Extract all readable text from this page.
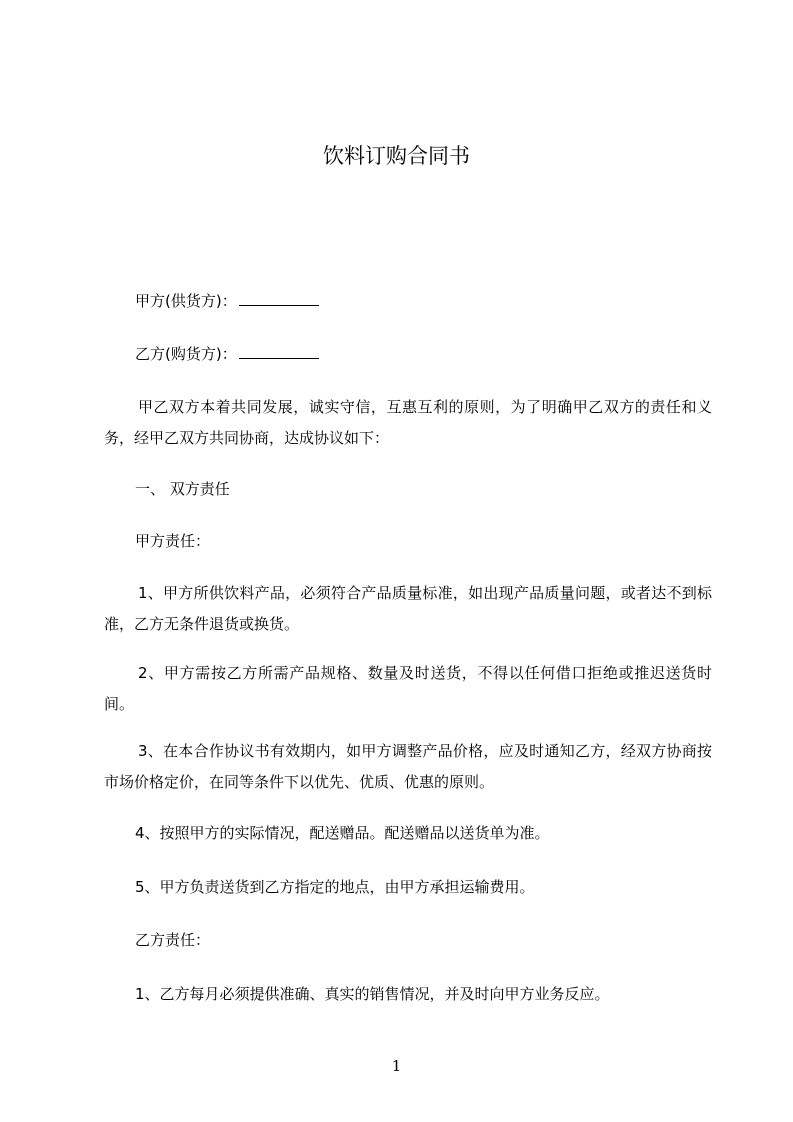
饮料订购合同书
甲方(供货方)：
乙方(购货方)：
甲乙双方本着共同发展，诚实守信，互惠互利的原则，为了明确甲乙双方的责任和义务，经甲乙双方共同协商，达成协议如下：
一、 双方责任
甲方责任：
1、甲方所供饮料产品，必须符合产品质量标准，如出现产品质量问题，或者达不到标准，乙方无条件退货或换货。
2、甲方需按乙方所需产品规格、数量及时送货，不得以任何借口拒绝或推迟送货时间。
3、在本合作协议书有效期内，如甲方调整产品价格，应及时通知乙方，经双方协商按市场价格定价，在同等条件下以优先、优质、优惠的原则。
4、按照甲方的实际情况，配送赠品。配送赠品以送货单为准。
5、甲方负责送货到乙方指定的地点，由甲方承担运输费用。
乙方责任：
1、乙方每月必须提供准确、真实的销售情况，并及时向甲方业务反应。
1
